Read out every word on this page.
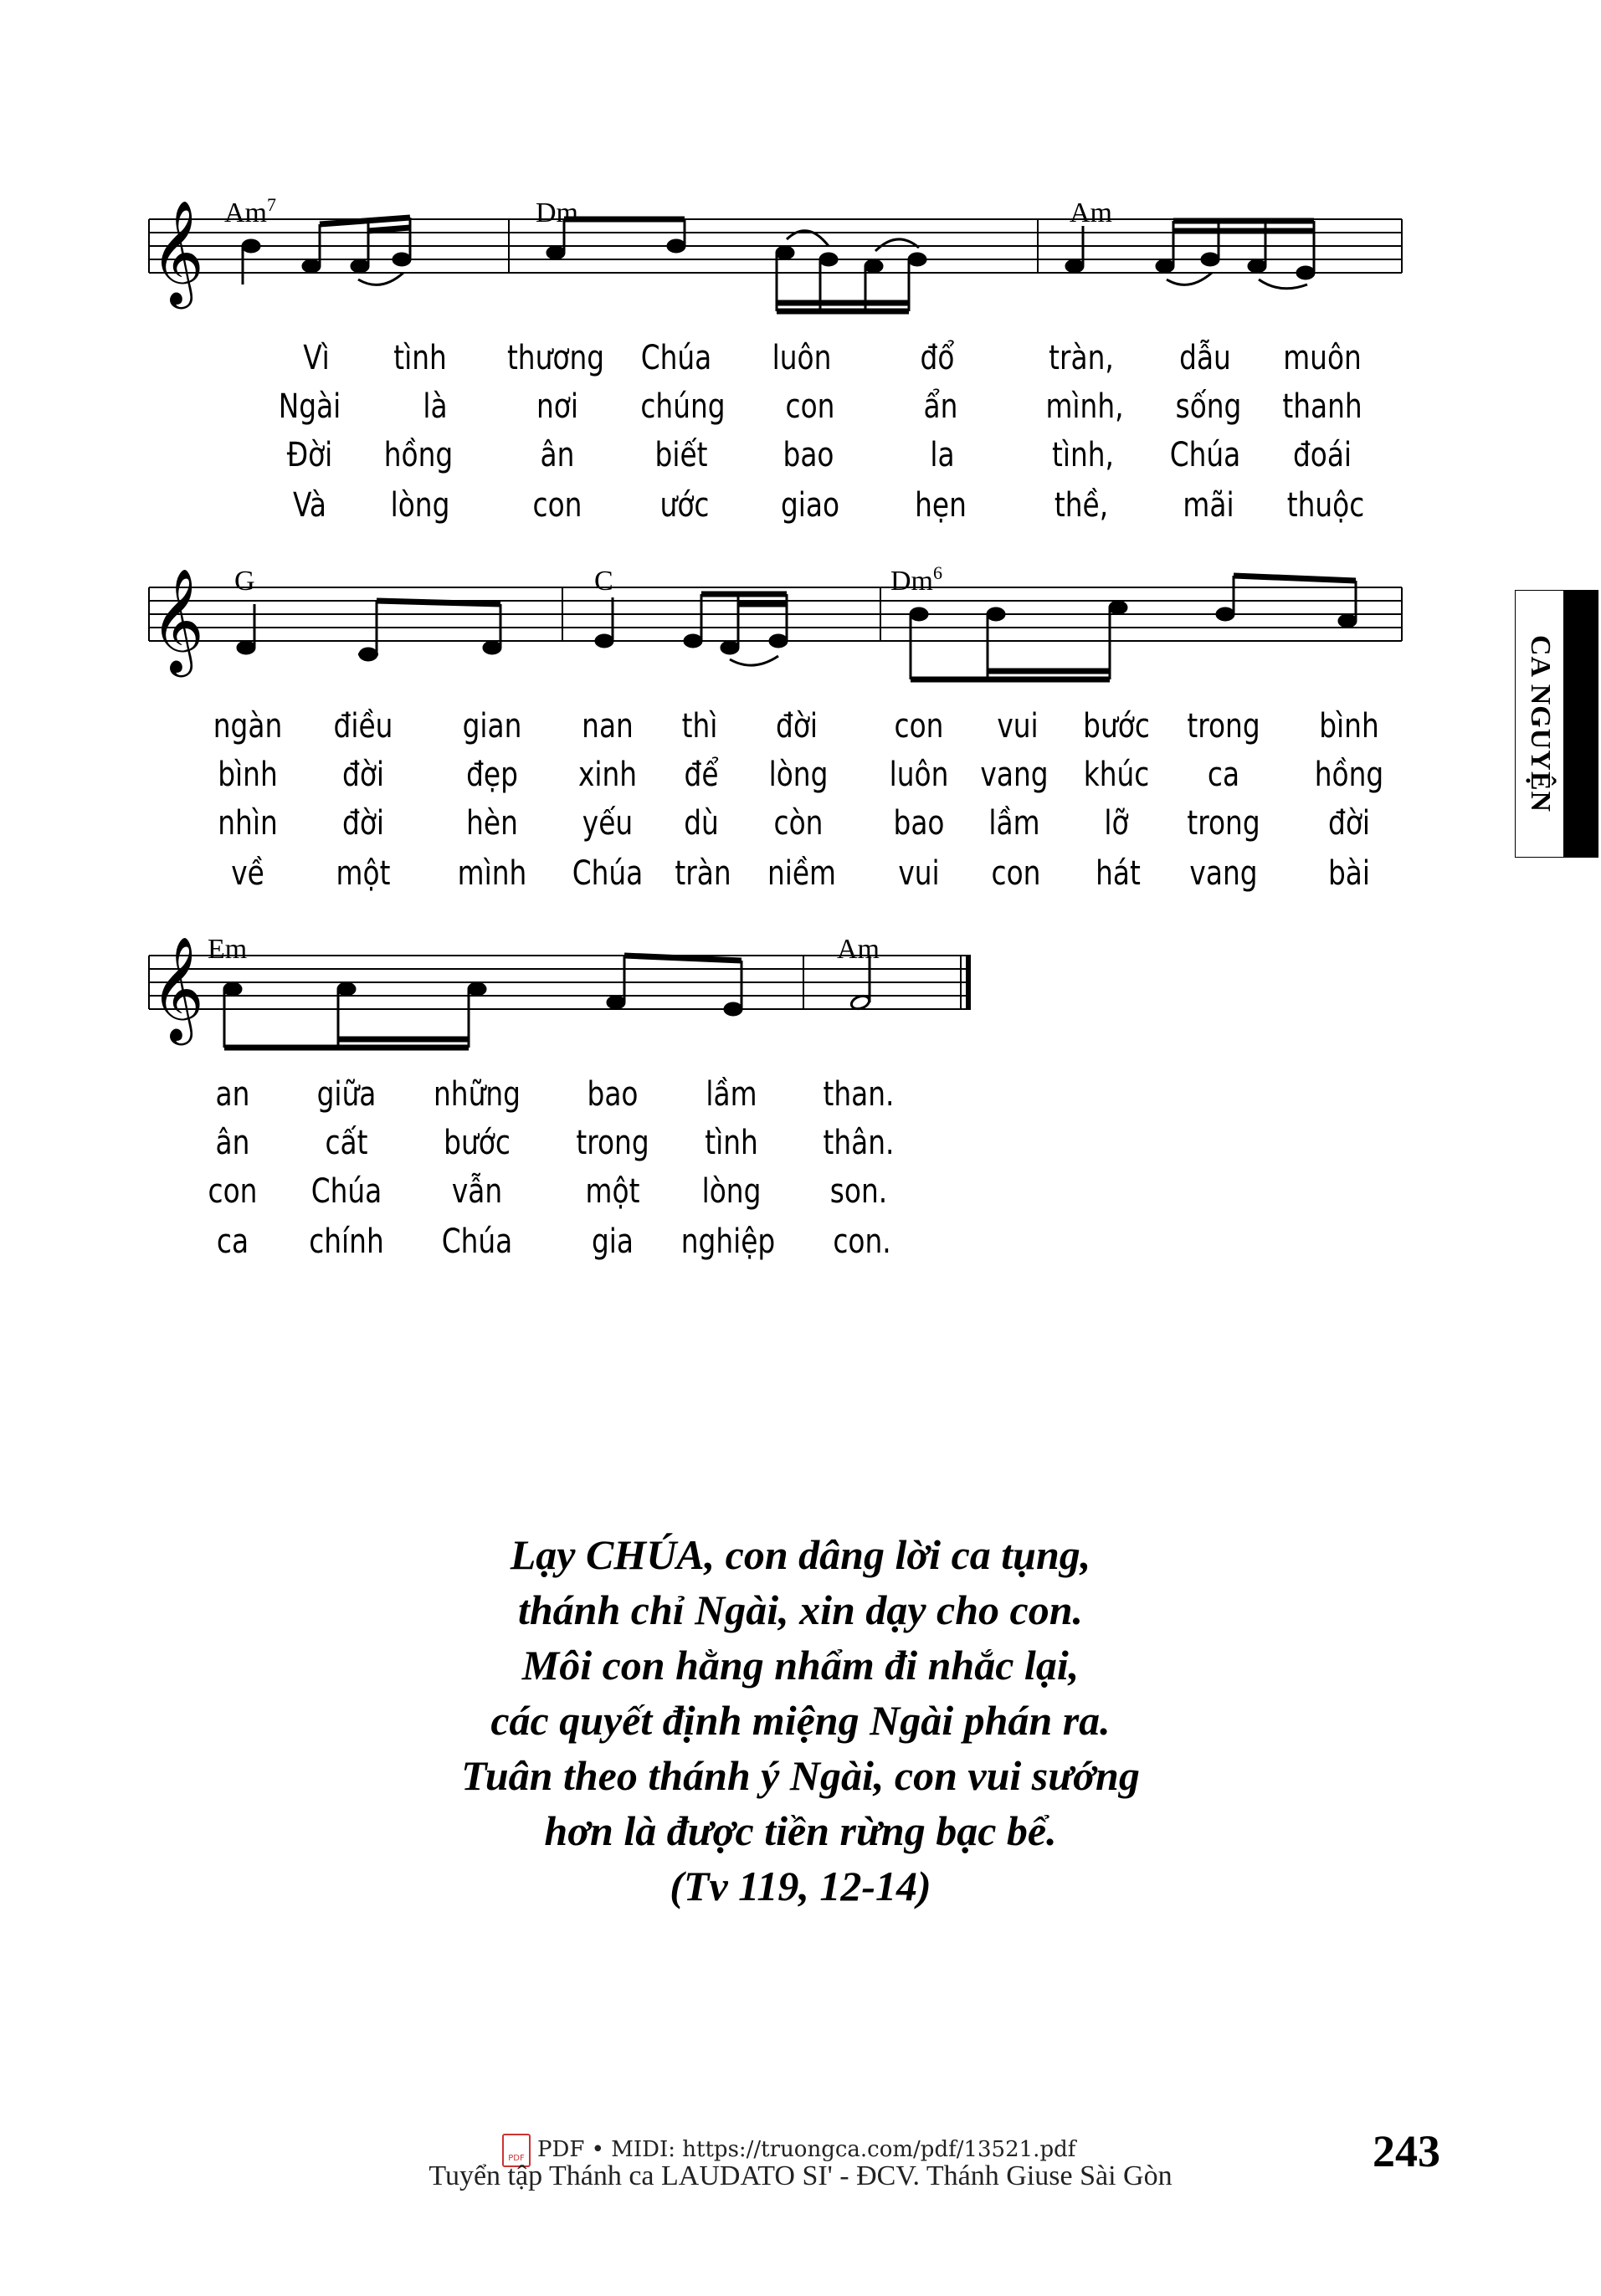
Am$^7$	Dm	Am
𝄞
Vì tình	thương	Chúa luôn	đổ	tràn, dẫu muôn
Ngài là	nơi chúng con	ẩn	mình, sống thanh
Đời hồng	ân biết bao	la	tình, Chúa đoái
Và lòng con ước giao hẹn	thề, mãi thuộc
G	C	Dm$^6$
𝄞
ngàn điều gian nan thì đời con vui bước trong bình
bình đời đẹp xinh để lòng luôn vang khúc ca hồng
nhìn đời hèn yếu dù còn bao lầm lỡ trong đời
về một mình Chúa tràn niềm vui con hát vang bài
Em	Am
𝄞
an giữa những bao lầm than.
ân cất bước trong tình thân.
con Chúa vẫn một lòng son.
ca chính Chúa gia	nghiệp	con.
CA NGUYỆN
Lạy CHÚA, con dâng lời ca tụng,
thánh chỉ Ngài, xin dạy cho con.
Môi con hằng nhẩm đi nhắc lại,
các quyết định miệng Ngài phán ra.
Tuân theo thánh ý Ngài, con vui sướng
hơn là được tiền rừng bạc bể.
(Tv 119, 12-14)
243
PDF PDF • MIDI: https://truongca.com/pdf/13521.pdf
Tuyển tập Thánh ca LAUDATO SI' - ĐCV. Thánh Giuse Sài Gòn
